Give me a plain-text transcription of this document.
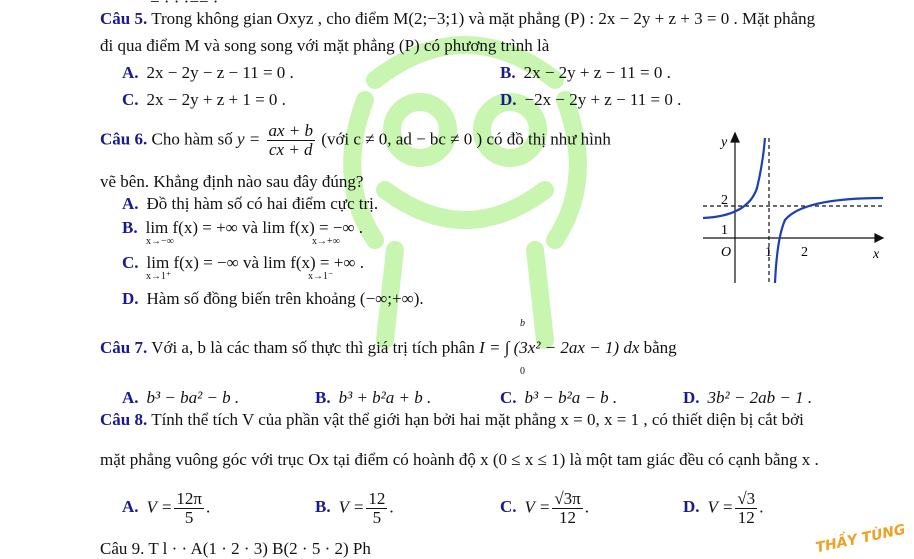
− · · ·−− ·
Câu 5. Trong không gian Oxyz , cho điểm M(2;−3;1) và mặt phẳng (P) : 2x − 2y + z + 3 = 0 . Mặt phẳng
đi qua điểm M và song song với mặt phẳng (P) có phương trình là
A. 2x − 2y − z − 11 = 0 .	B. 2x − 2y + z − 11 = 0 .
C. 2x − 2y + z + 1 = 0 .	D. −2x − 2y + z − 11 = 0 .
Câu 6. Cho hàm số $y = \frac{ax + b}{cx + d}$ (với c ≠ 0, ad − bc ≠ 0 ) có đồ thị như hình
vẽ bên. Khẳng định nào sau đây đúng?
A. Đồ thị hàm số có hai điểm cực trị.
B. lim f(x) = +∞ và lim f(x) = −∞ .
x→−∞	x→+∞
C. lim f(x) = −∞ và lim f(x) = +∞ .
x→1⁺	x→1⁻
D. Hàm số đồng biến trên khoảng (−∞;+∞).
y
x
O 1 2
1
2
Câu 7. Với a, b là các tham số thực thì giá trị tích phân I = ∫ (3x² − 2ax − 1) dx bằng
b
0
A. b³ − ba² − b .	B. b³ + b²a + b .	C. b³ − b²a − b .	D. 3b² − 2ab − 1 .
Câu 8. Tính thể tích V của phần vật thể giới hạn bởi hai mặt phẳng x = 0, x = 1 , có thiết diện bị cắt bởi
mặt phẳng vuông góc với trục Ox tại điểm có hoành độ x (0 ≤ x ≤ 1) là một tam giác đều có cạnh bằng x .
A. $V = \frac{12\pi}{5}$ .	B. $V = \frac{12}{5}$ .	C. $V = \frac{√3\pi}{12}$ .	D. $V = \frac{√3}{12}$ .
Câu 9. T l · · A(1 · 2 · 3) B(2 · 5 · 2) Ph	THẦY TÙNG
